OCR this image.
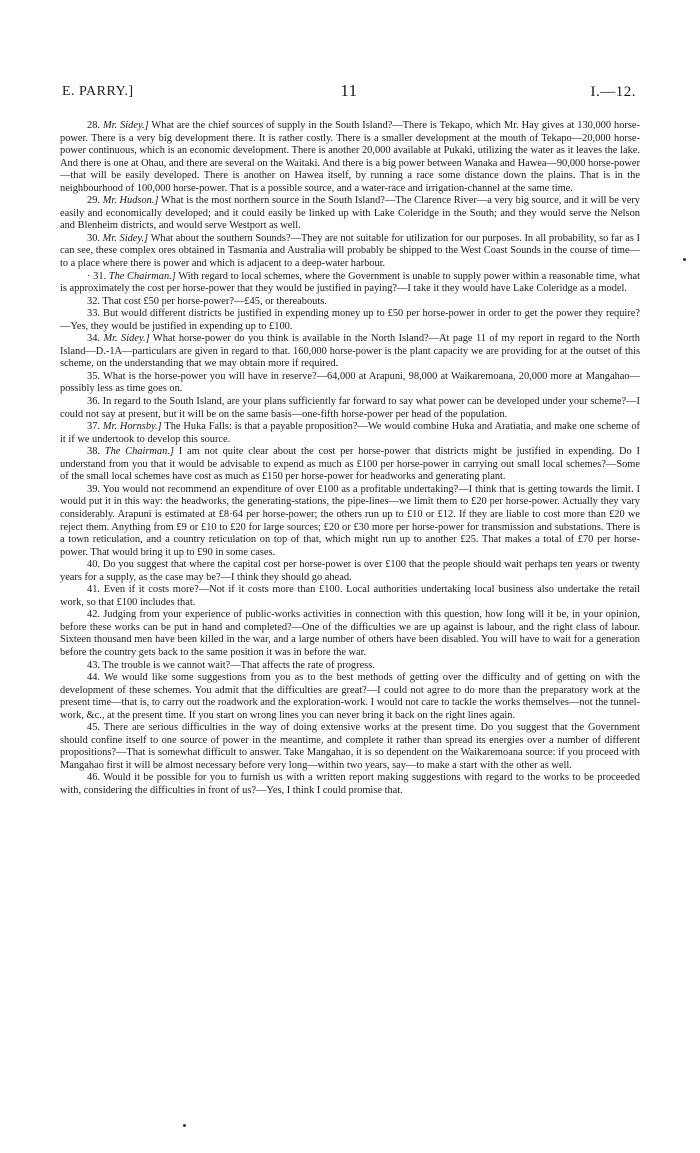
E. PARRY.]	11	I.—12.

28. Mr. Sidey.] What are the chief sources of supply in the South Island?—There is Tekapo, which Mr. Hay gives at 130,000 horse-power. There is a very big development there. It is rather costly. There is a smaller development at the mouth of Tekapo—20,000 horse-power continuous, which is an economic development. There is another 20,000 available at Pukaki, utilizing the water as it leaves the lake. And there is one at Ohau, and there are several on the Waitaki. And there is a big power between Wanaka and Hawea—90,000 horse-power—that will be easily developed. There is another on Hawea itself, by running a race some distance down the plains. That is in the neighbourhood of 100,000 horse-power. That is a possible source, and a water-race and irrigation-channel at the same time.

29. Mr. Hudson.] What is the most northern source in the South Island?—The Clarence River—a very big source, and it will be very easily and economically developed; and it could easily be linked up with Lake Coleridge in the South; and they would serve the Nelson and Blenheim districts, and would serve Westport as well.

30. Mr. Sidey.] What about the southern Sounds?—They are not suitable for utilization for our purposes. In all probability, so far as I can see, these complex ores obtained in Tasmania and Australia will probably be shipped to the West Coast Sounds in the course of time—to a place where there is power and which is adjacent to a deep-water harbour.

· 31. The Chairman.] With regard to local schemes, where the Government is unable to supply power within a reasonable time, what is approximately the cost per horse-power that they would be justified in paying?—I take it they would have Lake Coleridge as a model.

32. That cost £50 per horse-power?—£45, or thereabouts.

33. But would different districts be justified in expending money up to £50 per horse-power in order to get the power they require?—Yes, they would be justified in expending up to £100.

34. Mr. Sidey.] What horse-power do you think is available in the North Island?—At page 11 of my report in regard to the North Island—D.-1A—particulars are given in regard to that. 160,000 horse-power is the plant capacity we are providing for at the outset of this scheme, on the understanding that we may obtain more if required.

35. What is the horse-power you will have in reserve?—64,000 at Arapuni, 98,000 at Waikaremoana, 20,000 more at Mangahao—possibly less as time goes on.

36. In regard to the South Island, are your plans sufficiently far forward to say what power can be developed under your scheme?—I could not say at present, but it will be on the same basis—one-fifth horse-power per head of the population.

37. Mr. Hornsby.] The Huka Falls: is that a payable proposition?—We would combine Huka and Aratiatia, and make one scheme of it if we undertook to develop this source.

38. The Chairman.] I am not quite clear about the cost per horse-power that districts might be justified in expending. Do I understand from you that it would be advisable to expend as much as £100 per horse-power in carrying out small local schemes?—Some of the small local schemes have cost as much as £150 per horse-power for headworks and generating plant.

39. You would not recommend an expenditure of over £100 as a profitable undertaking?—I think that is getting towards the limit. I would put it in this way: the headworks, the generating-stations, the pipe-lines—we limit them to £20 per horse-power. Actually they vary considerably. Arapuni is estimated at £8·64 per horse-power; the others run up to £10 or £12. If they are liable to cost more than £20 we reject them. Anything from £9 or £10 to £20 for large sources; £20 or £30 more per horse-power for transmission and substations. There is a town reticulation, and a country reticulation on top of that, which might run up to another £25. That makes a total of £70 per horse-power. That would bring it up to £90 in some cases.

40. Do you suggest that where the capital cost per horse-power is over £100 that the people should wait perhaps ten years or twenty years for a supply, as the case may be?—I think they should go ahead.

41. Even if it costs more?—Not if it costs more than £100. Local authorities undertaking local business also undertake the retail work, so that £100 includes that.

42. Judging from your experience of public-works activities in connection with this question, how long will it be, in your opinion, before these works can be put in hand and completed?—One of the difficulties we are up against is labour, and the right class of labour. Sixteen thousand men have been killed in the war, and a large number of others have been disabled. You will have to wait for a generation before the country gets back to the same position it was in before the war.

43. The trouble is we cannot wait?—That affects the rate of progress.

44. We would like some suggestions from you as to the best methods of getting over the difficulty and of getting on with the development of these schemes. You admit that the difficulties are great?—I could not agree to do more than the preparatory work at the present time—that is, to carry out the roadwork and the exploration-work. I would not care to tackle the works themselves—not the tunnel-work, &c., at the present time. If you start on wrong lines you can never bring it back on the right lines again.

45. There are serious difficulties in the way of doing extensive works at the present time. Do you suggest that the Government should confine itself to one source of power in the meantime, and complete it rather than spread its energies over a number of different propositions?—That is somewhat difficult to answer. Take Mangahao, it is so dependent on the Waikaremoana source: if you proceed with Mangahao first it will be almost necessary before very long—within two years, say—to make a start with the other as well.

46. Would it be possible for you to furnish us with a written report making suggestions with regard to the works to be proceeded with, considering the difficulties in front of us?—Yes, I think I could promise that.
